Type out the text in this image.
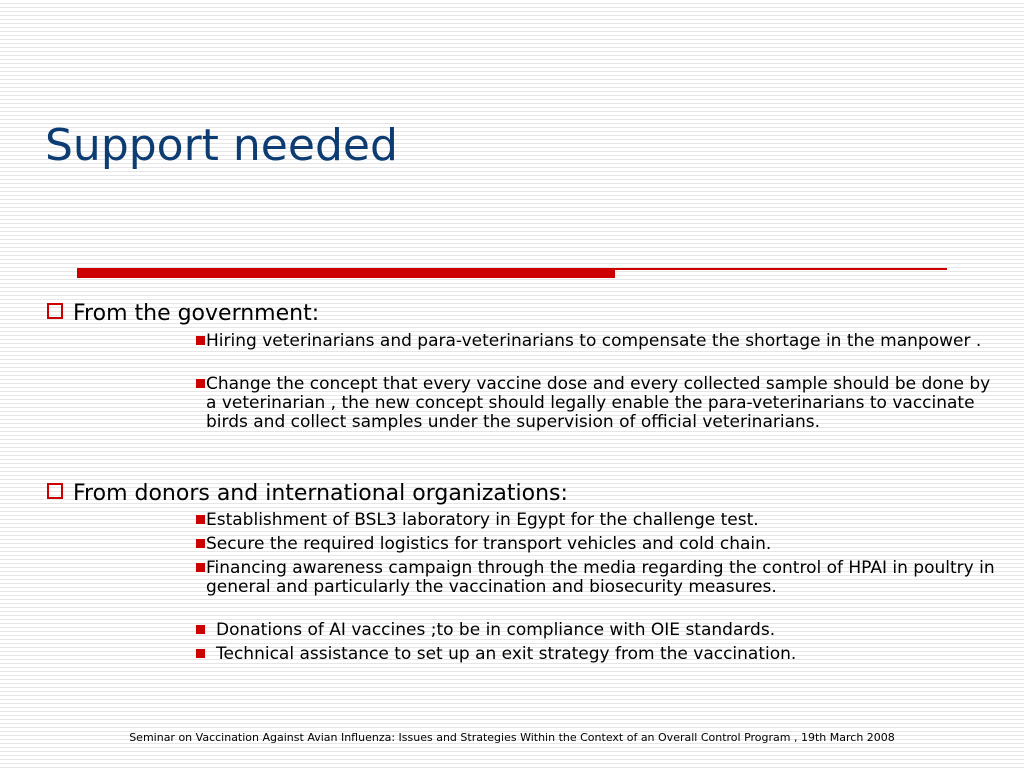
Support needed
From the government:
Hiring veterinarians and para-veterinarians to compensate the shortage in the manpower .
Change the concept that every vaccine dose and every collected sample should be done by a veterinarian , the new concept should legally enable the para-veterinarians to vaccinate birds and collect samples under the supervision of official veterinarians.
From donors and international organizations:
Establishment of BSL3 laboratory in Egypt for the challenge test.
Secure the required logistics for transport vehicles and cold chain.
Financing awareness campaign through the media regarding the control of HPAI in poultry in general and particularly the vaccination and biosecurity measures.
Donations of AI vaccines ;to be in compliance with OIE standards.
Technical assistance to set up an exit strategy from the vaccination.
Seminar on Vaccination Against Avian Influenza: Issues and Strategies Within the Context of an Overall Control Program , 19th March 2008
